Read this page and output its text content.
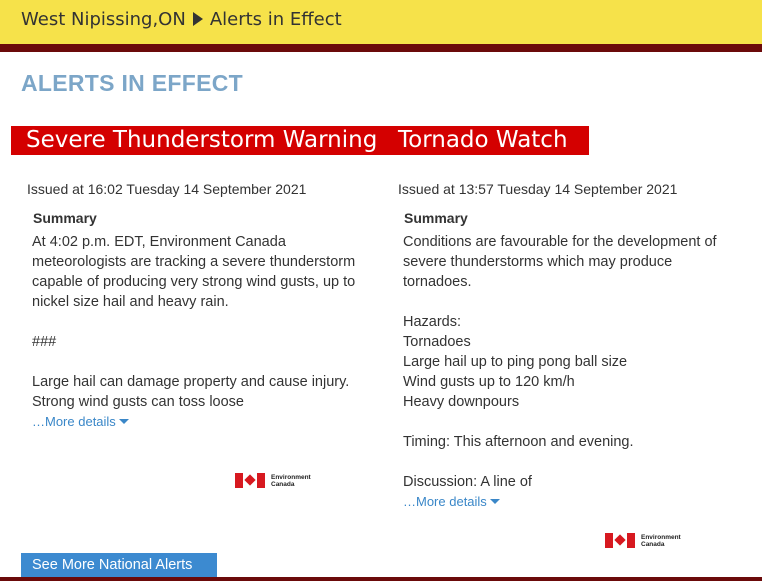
West Nipissing,ON Alerts in Effect
ALERTS IN EFFECT
Severe Thunderstorm Warning Tornado Watch
Issued at 16:02 Tuesday 14 September 2021
Summary
At 4:02 p.m. EDT, Environment Canada meteorologists are tracking a severe thunderstorm capable of producing very strong wind gusts, up to nickel size hail and heavy rain.

###

Large hail can damage property and cause injury. Strong wind gusts can toss loose
…More details
Issued at 13:57 Tuesday 14 September 2021
Summary
Conditions are favourable for the development of severe thunderstorms which may produce tornadoes.

Hazards:
Tornadoes
Large hail up to ping pong ball size
Wind gusts up to 120 km/h
Heavy downpours

Timing: This afternoon and evening.

Discussion: A line of
…More details
Environment
Canada
Environment
Canada
See More National Alerts
